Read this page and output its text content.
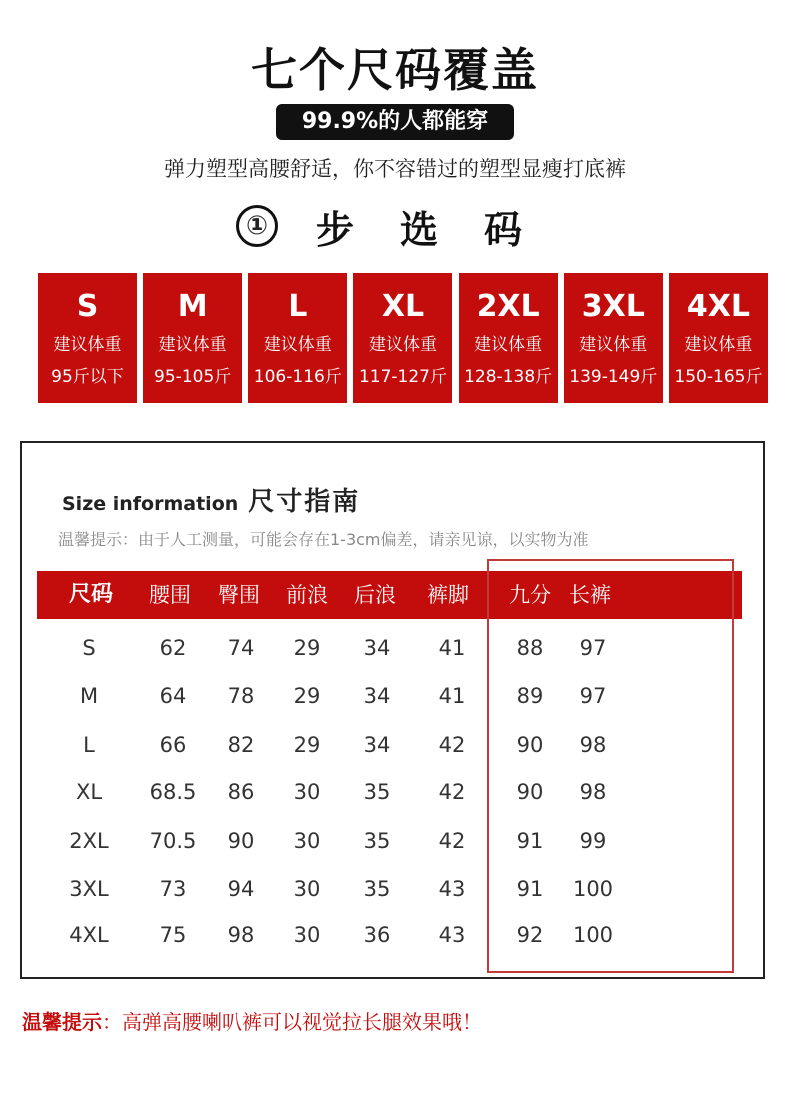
七个尺码覆盖
99.9%的人都能穿
弹力塑型高腰舒适，你不容错过的塑型显瘦打底裤
① 步选码
S
建议体重
95斤以下
M
建议体重
95-105斤
L
建议体重
106-116斤
XL
建议体重
117-127斤
2XL
建议体重
128-138斤
3XL
建议体重
139-149斤
4XL
建议体重
150-165斤
Size information 尺寸指南
温馨提示：由于人工测量，可能会存在1-3cm偏差，请亲见谅，以实物为准
尺码 腰围 臀围 前浪 后浪 裤脚 九分 长裤
S	62	74	29	34	41	88	97
M	64	78	29	34	41	89	97
L	66	82	29	34	42	90	98
XL	68.5	86	30	35	42	90	98
2XL	70.5	90	30	35	42	91	99
3XL	73	94	30	35	43	91	100
4XL	75	98	30	36	43	92	100
温馨提示：高弹高腰喇叭裤可以视觉拉长腿效果哦！
